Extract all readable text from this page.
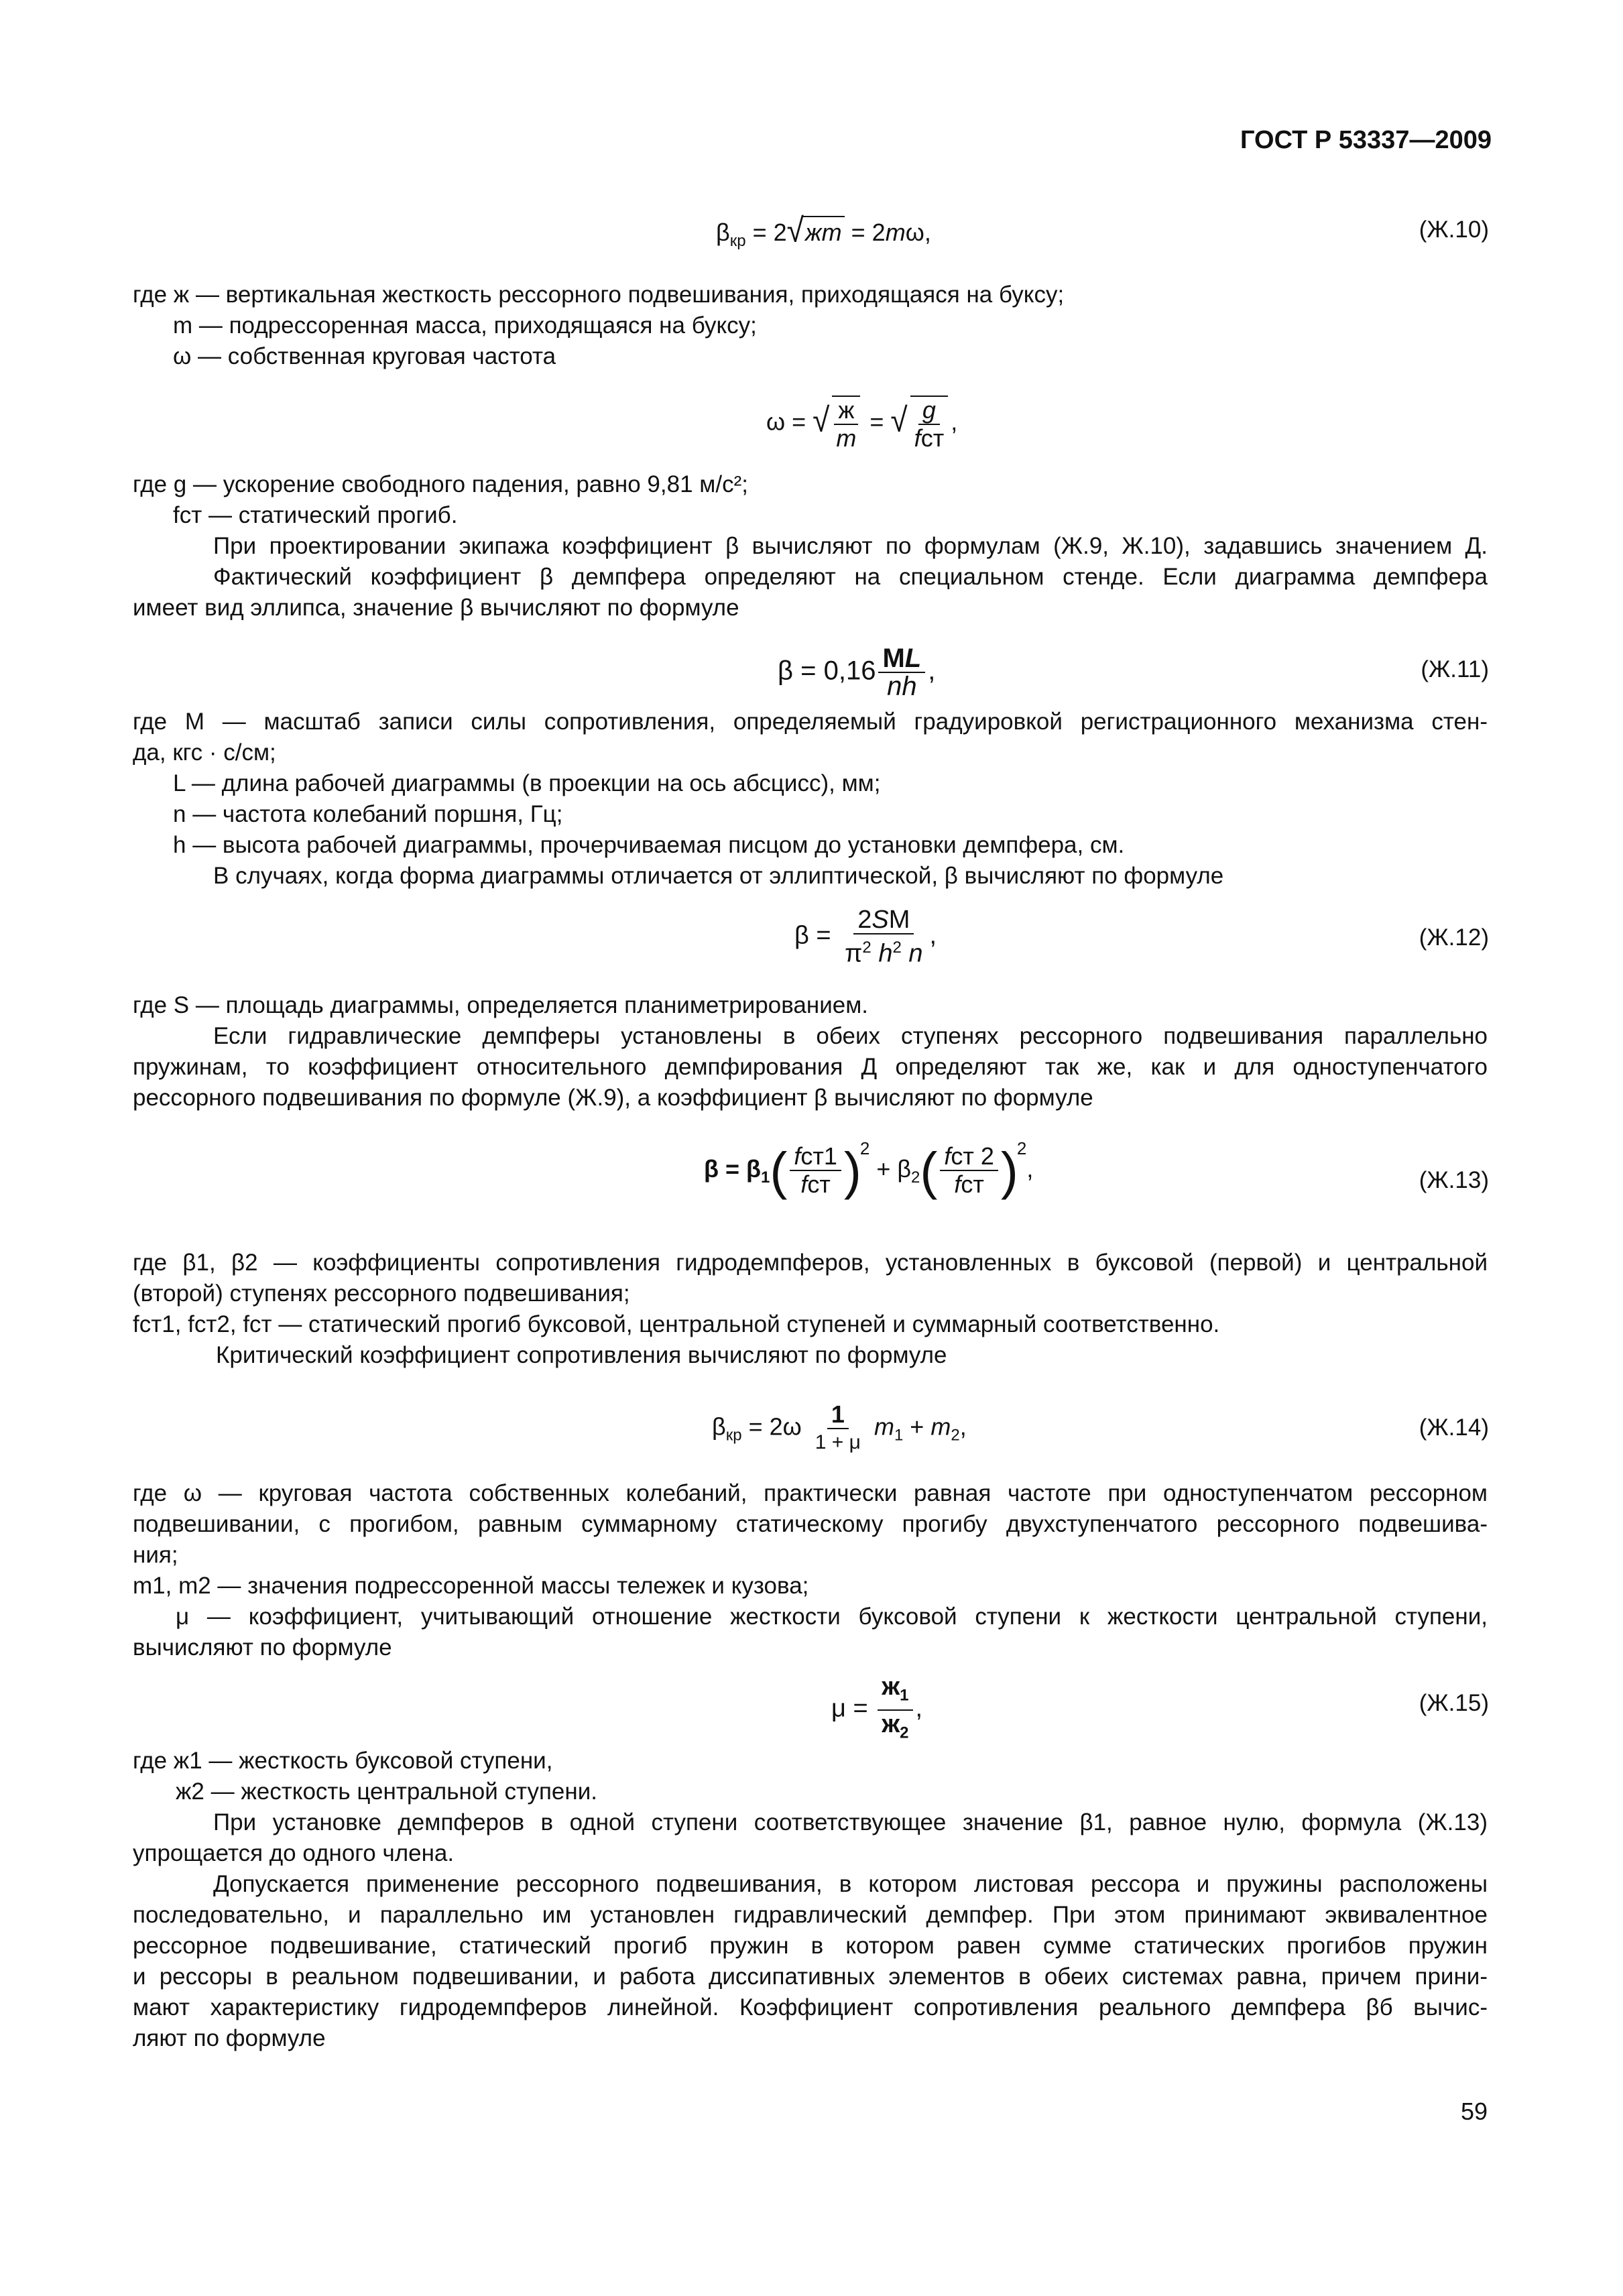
ГОСТ Р 53337—2009
$\beta_{кр} = 2√жm = 2m\omega$,	(Ж.10)
где ж — вертикальная жесткость рессорного подвешивания, приходящаяся на буксу;
m — подрессоренная масса, приходящаяся на буксу;
ω — собственная круговая частота
ω = √ $\frac{ж}{m}$ = √ $\frac{g}{\text{fст}}$ ,
где g — ускорение свободного падения, равно 9,81 м/с²;
fст — статический прогиб.
При проектировании экипажа коэффициент β вычисляют по формулам (Ж.9, Ж.10), задавшись значением Д.
Фактический коэффициент β демпфера определяют на специальном стенде. Если диаграмма демпфера
имеет вид эллипса, значение β вычисляют по формуле
$\beta = 0,16 \frac{ML}{nh}$ ,	(Ж.11)
где М — масштаб записи силы сопротивления, определяемый градуировкой регистрационного механизма стен-
да, кгс · с/см;
L — длина рабочей диаграммы (в проекции на ось абсцисс), мм;
n — частота колебаний поршня, Гц;
h — высота рабочей диаграммы, прочерчиваемая писцом до установки демпфера, см.
В случаях, когда форма диаграммы отличается от эллиптической, β вычисляют по формуле
$\beta = \frac{2SM}{\pi^2 h^2 n}$ ,	(Ж.12)
где S — площадь диаграммы, определяется планиметрированием.
Если гидравлические демпферы установлены в обеих ступенях рессорного подвешивания параллельно
пружинам, то коэффициент относительного демпфирования Д определяют так же, как и для одноступенчатого
рессорного подвешивания по формуле (Ж.9), а коэффициент β вычисляют по формуле
$\beta = \beta_1( \frac{\text{fст1}}{\text{fст}} )^2 + \beta_2( \frac{\text{fст 2}}{\text{fст}} )^2$,	(Ж.13)
где β1, β2 — коэффициенты сопротивления гидродемпферов, установленных в буксовой (первой) и центральной
(второй) ступенях рессорного подвешивания;
fст1, fст2, fст — статический прогиб буксовой, центральной ступеней и суммарный соответственно.
Критический коэффициент сопротивления вычисляют по формуле
$\beta_{кр} = 2\omega \frac{1}{1 + \mu} m_1 + m_2$,	(Ж.14)
где ω — круговая частота собственных колебаний, практически равная частоте при одноступенчатом рессорном
подвешивании, с прогибом, равным суммарному статическому прогибу двухступенчатого рессорного подвешива-
ния;
m1, m2 — значения подрессоренной массы тележек и кузова;
μ — коэффициент, учитывающий отношение жесткости буксовой ступени к жесткости центральной ступени,
вычисляют по формуле
$\mu = \frac{ж_1}{ж_2}$ ,	(Ж.15)
где ж1 — жесткость буксовой ступени,
ж2 — жесткость центральной ступени.
При установке демпферов в одной ступени соответствующее значение β1, равное нулю, формула (Ж.13)
упрощается до одного члена.
Допускается применение рессорного подвешивания, в котором листовая рессора и пружины расположены
последовательно, и параллельно им установлен гидравлический демпфер. При этом принимают эквивалентное
рессорное подвешивание, статический прогиб пружин в котором равен сумме статических прогибов пружин
и рессоры в реальном подвешивании, и работа диссипативных элементов в обеих системах равна, причем прини-
мают характеристику гидродемпферов линейной. Коэффициент сопротивления реального демпфера βб вычис-
ляют по формуле
59
